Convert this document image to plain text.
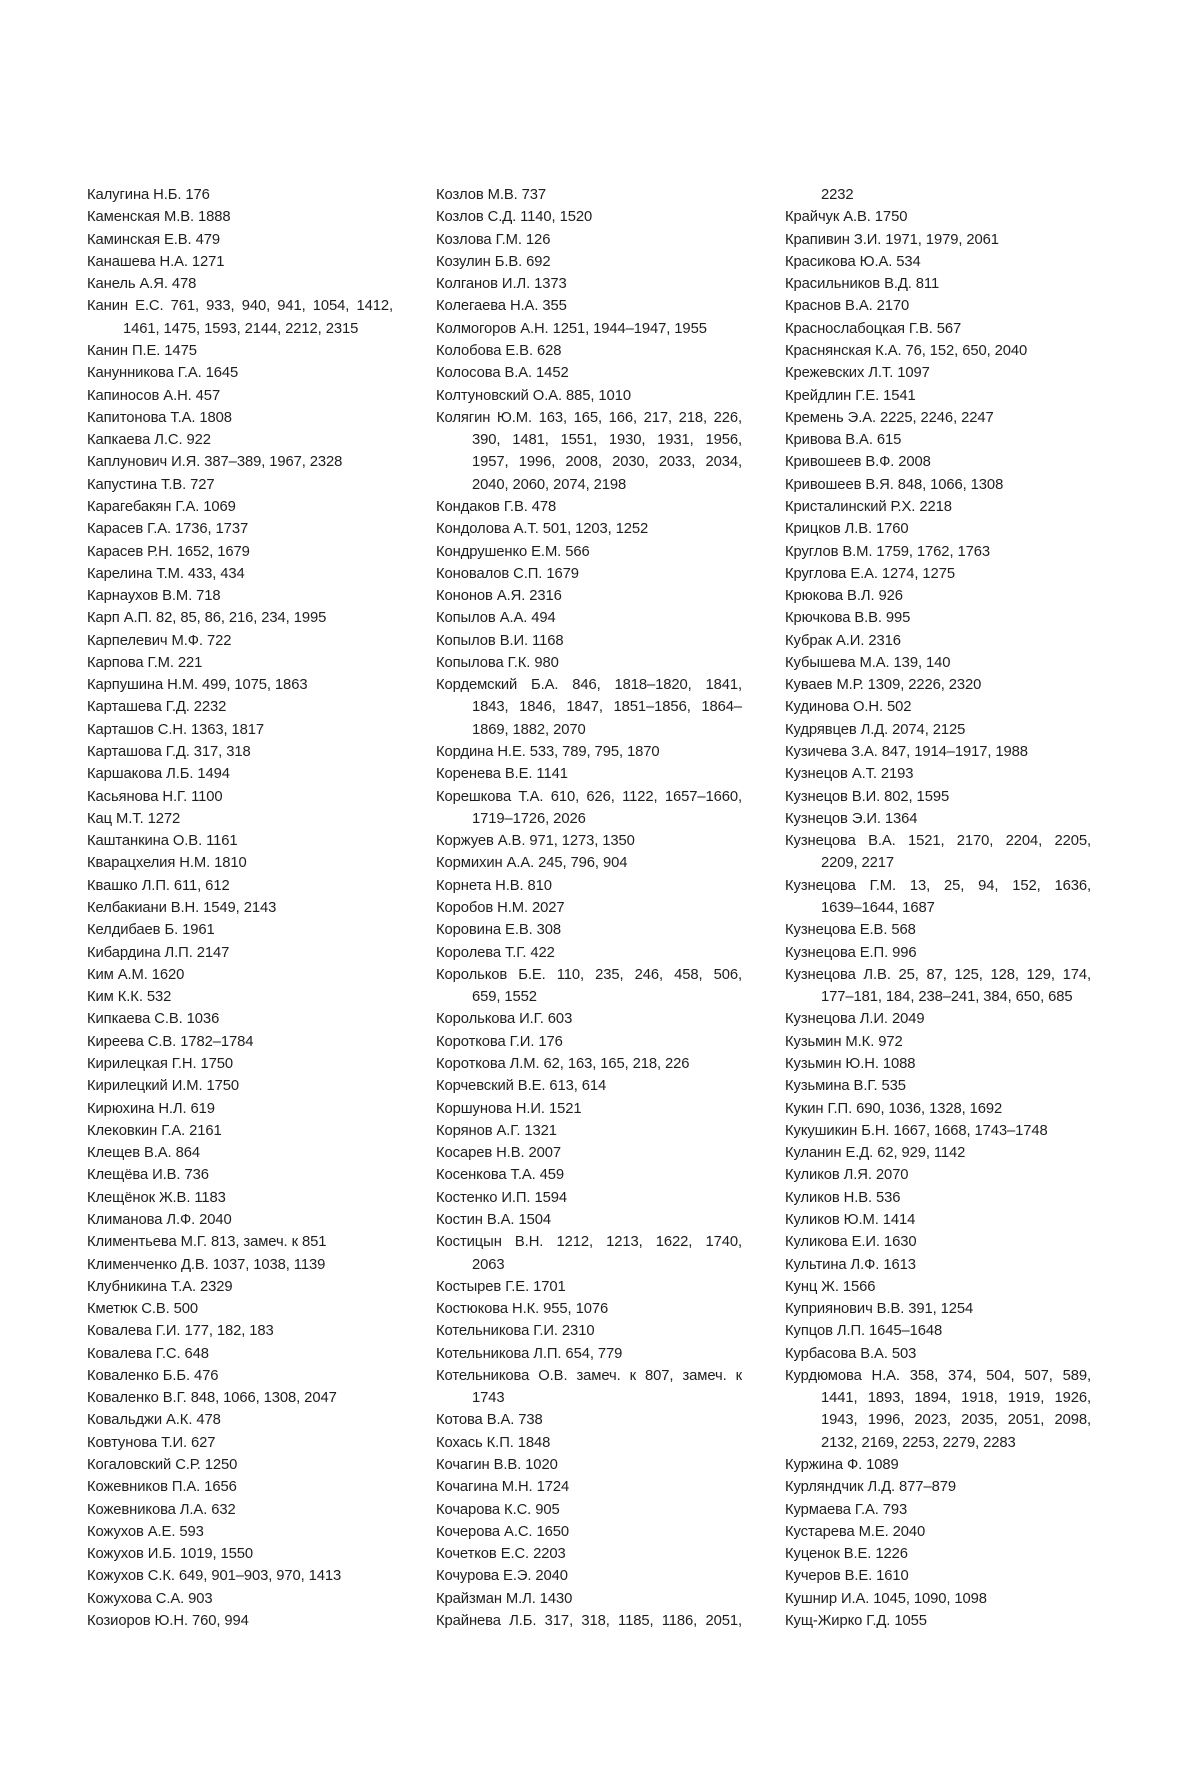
Калугина Н.Б. 176
Каменская М.В. 1888
Каминская Е.В. 479
Канашева Н.А. 1271
Канель А.Я. 478
Канин Е.С. 761, 933, 940, 941, 1054, 1412,
1461, 1475, 1593, 2144, 2212, 2315
Канин П.Е. 1475
Канунникова Г.А. 1645
Капиносов А.Н. 457
Капитонова Т.А. 1808
Капкаева Л.С. 922
Каплунович И.Я. 387–389, 1967, 2328
Капустина Т.В. 727
Карагебакян Г.А. 1069
Карасев Г.А. 1736, 1737
Карасев Р.Н. 1652, 1679
Карелина Т.М. 433, 434
Карнаухов В.М. 718
Карп А.П. 82, 85, 86, 216, 234, 1995
Карпелевич М.Ф. 722
Карпова Г.М. 221
Карпушина Н.М. 499, 1075, 1863
Карташева Г.Д. 2232
Карташов С.Н. 1363, 1817
Карташова Г.Д. 317, 318
Каршакова Л.Б. 1494
Касьянова Н.Г. 1100
Кац М.Т. 1272
Каштанкина О.В. 1161
Кварацхелия Н.М. 1810
Квашко Л.П. 611, 612
Келбакиани В.Н. 1549, 2143
Келдибаев Б. 1961
Кибардина Л.П. 2147
Ким А.М. 1620
Ким К.К. 532
Кипкаева С.В. 1036
Киреева С.В. 1782–1784
Кирилецкая Г.Н. 1750
Кирилецкий И.М. 1750
Кирюхина Н.Л. 619
Клековкин Г.А. 2161
Клещев В.А. 864
Клещёва И.В. 736
Клещёнок Ж.В. 1183
Климанова Л.Ф. 2040
Климентьева М.Г. 813, замеч. к 851
Клименченко Д.В. 1037, 1038, 1139
Клубникина Т.А. 2329
Кметюк С.В. 500
Ковалева Г.И. 177, 182, 183
Ковалева Г.С. 648
Коваленко Б.Б. 476
Коваленко В.Г. 848, 1066, 1308, 2047
Ковальджи А.К. 478
Ковтунова Т.И. 627
Когаловский С.Р. 1250
Кожевников П.А. 1656
Кожевникова Л.А. 632
Кожухов А.Е. 593
Кожухов И.Б. 1019, 1550
Кожухов С.К. 649, 901–903, 970, 1413
Кожухова С.А. 903
Козиоров Ю.Н. 760, 994
Козлов М.В. 737
Козлов С.Д. 1140, 1520
Козлова Г.М. 126
Козулин Б.В. 692
Колганов И.Л. 1373
Колегаева Н.А. 355
Колмогоров А.Н. 1251, 1944–1947, 1955
Колобова Е.В. 628
Колосова В.А. 1452
Колтуновский О.А. 885, 1010
Колягин Ю.М. 163, 165, 166, 217, 218, 226,
390, 1481, 1551, 1930, 1931, 1956,
1957, 1996, 2008, 2030, 2033, 2034,
2040, 2060, 2074, 2198
Кондаков Г.В. 478
Кондолова А.Т. 501, 1203, 1252
Кондрушенко Е.М. 566
Коновалов С.П. 1679
Кононов А.Я. 2316
Копылов А.А. 494
Копылов В.И. 1168
Копылова Г.К. 980
Кордемский Б.А. 846, 1818–1820, 1841,
1843, 1846, 1847, 1851–1856, 1864–
1869, 1882, 2070
Кордина Н.Е. 533, 789, 795, 1870
Коренева В.Е. 1141
Корешкова Т.А. 610, 626, 1122, 1657–1660,
1719–1726, 2026
Коржуев А.В. 971, 1273, 1350
Кормихин А.А. 245, 796, 904
Корнета Н.В. 810
Коробов Н.М. 2027
Коровина Е.В. 308
Королева Т.Г. 422
Корольков Б.Е. 110, 235, 246, 458, 506,
659, 1552
Королькова И.Г. 603
Короткова Г.И. 176
Короткова Л.М. 62, 163, 165, 218, 226
Корчевский В.Е. 613, 614
Коршунова Н.И. 1521
Корянов А.Г. 1321
Косарев Н.В. 2007
Косенкова Т.А. 459
Костенко И.П. 1594
Костин В.А. 1504
Костицын В.Н. 1212, 1213, 1622, 1740,
2063
Костырев Г.Е. 1701
Костюкова Н.К. 955, 1076
Котельникова Г.И. 2310
Котельникова Л.П. 654, 779
Котельникова О.В. замеч. к 807, замеч. к
1743
Котова В.А. 738
Кохась К.П. 1848
Кочагин В.В. 1020
Кочагина М.Н. 1724
Кочарова К.С. 905
Кочерова А.С. 1650
Кочетков Е.С. 2203
Кочурова Е.Э. 2040
Крайзман М.Л. 1430
Крайнева Л.Б. 317, 318, 1185, 1186, 2051,
2232
Крайчук А.В. 1750
Крапивин З.И. 1971, 1979, 2061
Красикова Ю.А. 534
Красильников В.Д. 811
Краснов В.А. 2170
Краснослабоцкая Г.В. 567
Краснянская К.А. 76, 152, 650, 2040
Крежевских Л.Т. 1097
Крейдлин Г.Е. 1541
Кремень Э.А. 2225, 2246, 2247
Кривова В.А. 615
Кривошеев В.Ф. 2008
Кривошеев В.Я. 848, 1066, 1308
Кристалинский Р.Х. 2218
Крицков Л.В. 1760
Круглов В.М. 1759, 1762, 1763
Круглова Е.А. 1274, 1275
Крюкова В.Л. 926
Крючкова В.В. 995
Кубрак А.И. 2316
Кубышева М.А. 139, 140
Куваев М.Р. 1309, 2226, 2320
Кудинова О.Н. 502
Кудрявцев Л.Д. 2074, 2125
Кузичева З.А. 847, 1914–1917, 1988
Кузнецов А.Т. 2193
Кузнецов В.И. 802, 1595
Кузнецов Э.И. 1364
Кузнецова В.А. 1521, 2170, 2204, 2205,
2209, 2217
Кузнецова Г.М. 13, 25, 94, 152, 1636,
1639–1644, 1687
Кузнецова Е.В. 568
Кузнецова Е.П. 996
Кузнецова Л.В. 25, 87, 125, 128, 129, 174,
177–181, 184, 238–241, 384, 650, 685
Кузнецова Л.И. 2049
Кузьмин М.К. 972
Кузьмин Ю.Н. 1088
Кузьмина В.Г. 535
Кукин Г.П. 690, 1036, 1328, 1692
Кукушикин Б.Н. 1667, 1668, 1743–1748
Куланин Е.Д. 62, 929, 1142
Куликов Л.Я. 2070
Куликов Н.В. 536
Куликов Ю.М. 1414
Куликова Е.И. 1630
Культина Л.Ф. 1613
Кунц Ж. 1566
Куприянович В.В. 391, 1254
Купцов Л.П. 1645–1648
Курбасова В.А. 503
Курдюмова Н.А. 358, 374, 504, 507, 589,
1441, 1893, 1894, 1918, 1919, 1926,
1943, 1996, 2023, 2035, 2051, 2098,
2132, 2169, 2253, 2279, 2283
Куржина Ф. 1089
Курляндчик Л.Д. 877–879
Курмаева Г.А. 793
Кустарева М.Е. 2040
Куценок В.Е. 1226
Кучеров В.Е. 1610
Кушнир И.А. 1045, 1090, 1098
Кущ-Жирко Г.Д. 1055
